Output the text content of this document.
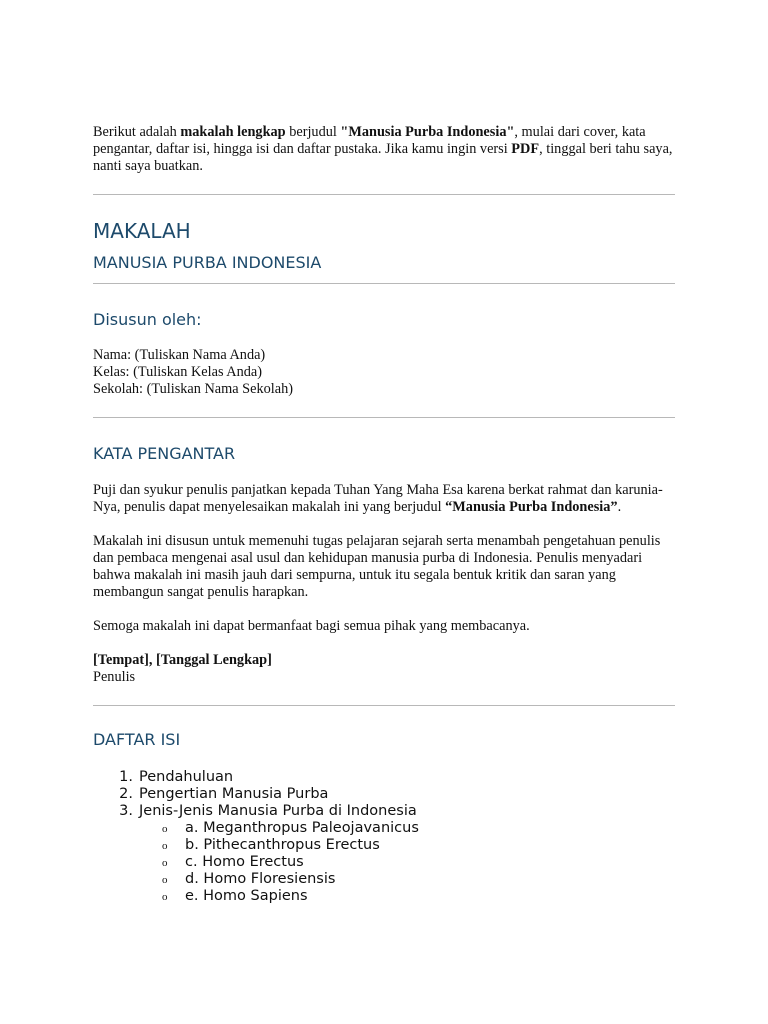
Berikut adalah makalah lengkap berjudul "Manusia Purba Indonesia", mulai dari cover, kata pengantar, daftar isi, hingga isi dan daftar pustaka. Jika kamu ingin versi PDF, tinggal beri tahu saya, nanti saya buatkan.

MAKALAH
MANUSIA PURBA INDONESIA
Disusun oleh:
Nama: (Tuliskan Nama Anda)
Kelas: (Tuliskan Kelas Anda)
Sekolah: (Tuliskan Nama Sekolah)
KATA PENGANTAR

Puji dan syukur penulis panjatkan kepada Tuhan Yang Maha Esa karena berkat rahmat dan karunia-Nya, penulis dapat menyelesaikan makalah ini yang berjudul “Manusia Purba Indonesia”.

Makalah ini disusun untuk memenuhi tugas pelajaran sejarah serta menambah pengetahuan penulis dan pembaca mengenai asal usul dan kehidupan manusia purba di Indonesia. Penulis menyadari bahwa makalah ini masih jauh dari sempurna, untuk itu segala bentuk kritik dan saran yang membangun sangat penulis harapkan.

Semoga makalah ini dapat bermanfaat bagi semua pihak yang membacanya.

[Tempat], [Tanggal Lengkap]
Penulis
DAFTAR ISI
1. Pendahuluan
2. Pengertian Manusia Purba
3. Jenis-Jenis Manusia Purba di Indonesia
o a. Meganthropus Paleojavanicus
o b. Pithecanthropus Erectus
o c. Homo Erectus
o d. Homo Floresiensis
o e. Homo Sapiens
